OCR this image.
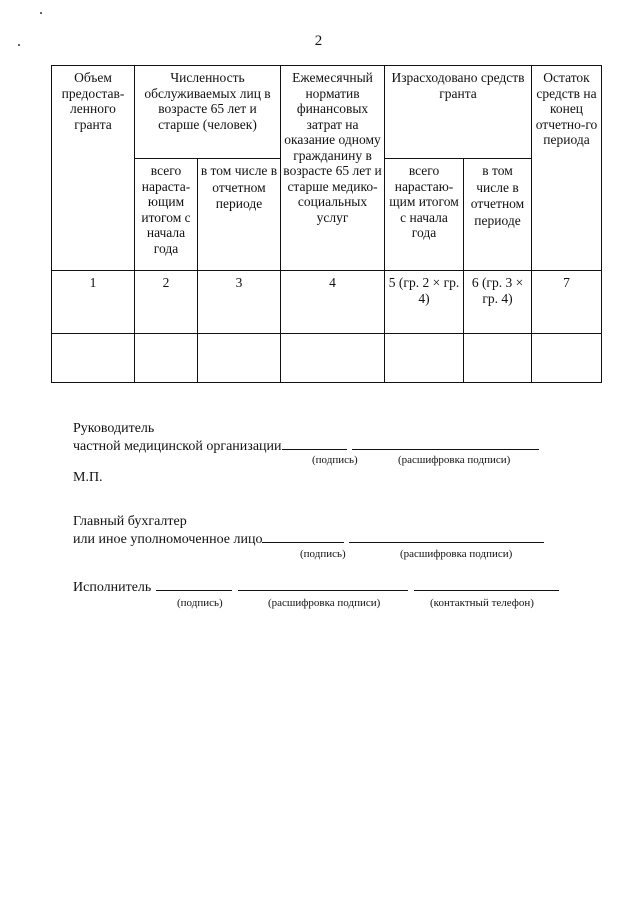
2
Объем предостав-ленного гранта	Численность обслуживаемых лиц в возрасте 65 лет и старше (человек)		Ежемесячный норматив финансовых затрат на оказание одному гражданину в возрасте 65 лет и старше медико-социальных услуг	Израсходовано средств гранта		Остаток средств на конец отчетно-го периода
	всего нараста-ющим итогом с начала года	в том числе в отчетном периоде		всего нарастаю-щим итогом с начала года	в том числе в отчетном периоде	
1	2	3	4	5 (гр. 2 × гр. 4)	6 (гр. 3 × гр. 4)	7

Руководитель
частной медицинской организации
(подпись)	(расшифровка подписи)
М.П.
Главный бухгалтер
или иное уполномоченное лицо
(подпись)	(расшифровка подписи)
Исполнитель
(подпись)	(расшифровка подписи)	(контактный телефон)
